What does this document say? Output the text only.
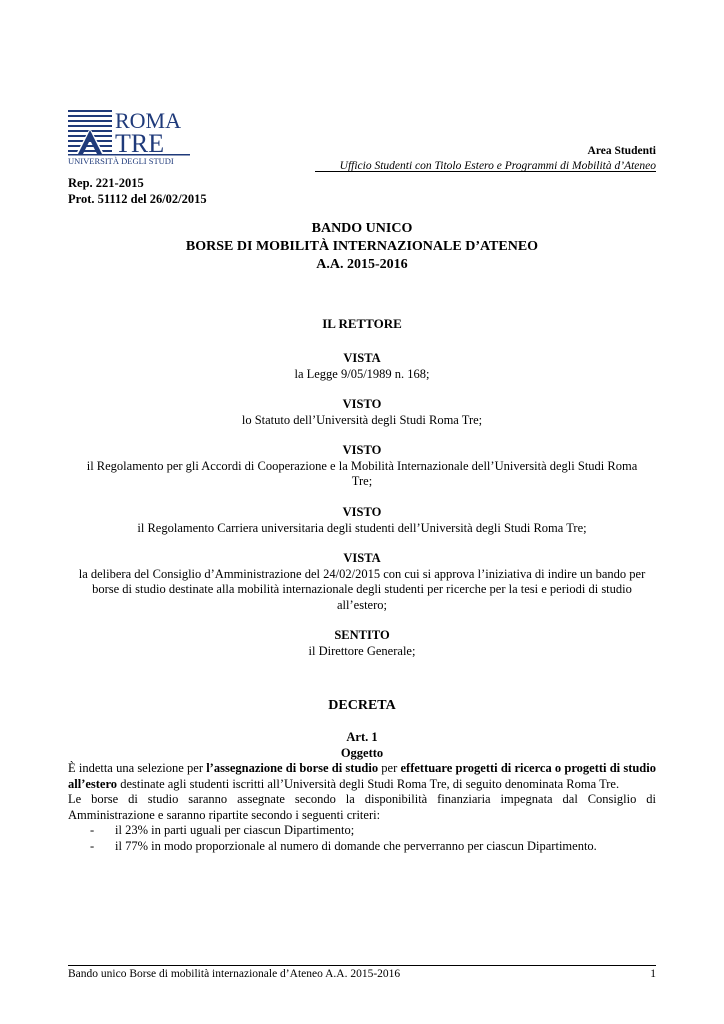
ROMA
TRE
UNIVERSITÀ DEGLI STUDI
Area Studenti
Ufficio Studenti con Titolo Estero e Programmi di Mobilità d’Ateneo
Rep. 221-2015
Prot. 51112 del 26/02/2015
BANDO UNICO
BORSE DI MOBILITÀ INTERNAZIONALE D’ATENEO
A.A. 2015-2016
IL RETTORE
VISTA
la Legge 9/05/1989 n. 168;
VISTO
lo Statuto dell’Università degli Studi Roma Tre;
VISTO
il Regolamento per gli Accordi di Cooperazione e la Mobilità Internazionale dell’Università degli Studi Roma Tre;
VISTO
il Regolamento Carriera universitaria degli studenti dell’Università degli Studi Roma Tre;
VISTA
la delibera del Consiglio d’Amministrazione del 24/02/2015 con cui si approva l’iniziativa di indire un bando per borse di studio destinate alla mobilità internazionale degli studenti per ricerche per la tesi e periodi di studio all’estero;
SENTITO
il Direttore Generale;
DECRETA
Art. 1
Oggetto

È indetta una selezione per l’assegnazione di borse di studio per effettuare progetti di ricerca o progetti di studio all’estero destinate agli studenti iscritti all’Università degli Studi Roma Tre, di seguito denominata Roma Tre.

Le borse di studio saranno assegnate secondo la disponibilità finanziaria impegnata dal Consiglio di Amministrazione e saranno ripartite secondo i seguenti criteri:

- il 23% in parti uguali per ciascun Dipartimento;
- il 77% in modo proporzionale al numero di domande che perverranno per ciascun Dipartimento.
Bando unico Borse di mobilità internazionale d’Ateneo A.A. 2015-2016	1
